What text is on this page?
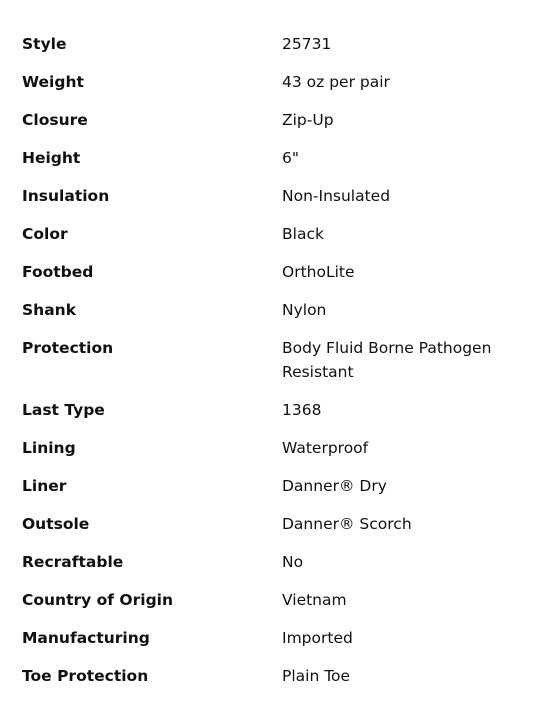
Style	25731
Weight	43 oz per pair
Closure	Zip-Up
Height	6"
Insulation	Non-Insulated
Color	Black
Footbed	OrthoLite
Shank	Nylon
Protection	Body Fluid Borne Pathogen Resistant
Last Type	1368
Lining	Waterproof
Liner	Danner® Dry
Outsole	Danner® Scorch
Recraftable	No
Country of Origin	Vietnam
Manufacturing	Imported
Toe Protection	Plain Toe
